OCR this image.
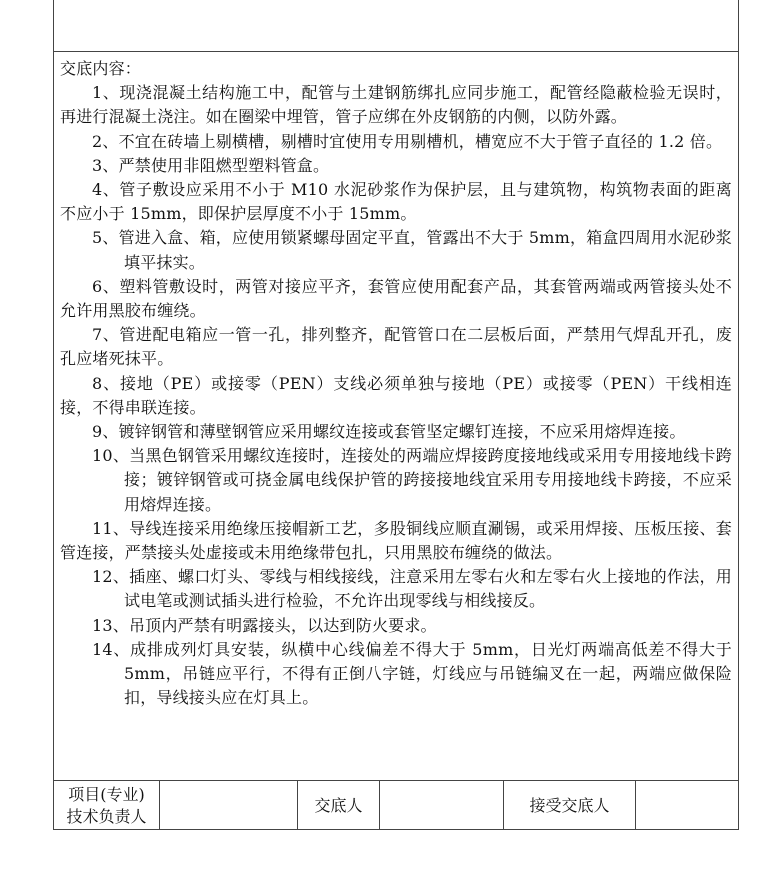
交底内容：

1、现浇混凝土结构施工中，配管与土建钢筋绑扎应同步施工，配管经隐蔽检验无误时，再进行混凝土浇注。如在圈梁中埋管，管子应绑在外皮钢筋的内侧，以防外露。

2、不宜在砖墙上剔横槽，剔槽时宜使用专用剔槽机，槽宽应不大于管子直径的 1.2 倍。

3、严禁使用非阻燃型塑料管盒。

4、管子敷设应采用不小于 M10 水泥砂浆作为保护层，且与建筑物，构筑物表面的距离不应小于 15mm，即保护层厚度不小于 15mm。

5、管进入盒、箱，应使用锁紧螺母固定平直，管露出不大于 5mm，箱盒四周用水泥砂浆填平抹实。

6、塑料管敷设时，两管对接应平齐，套管应使用配套产品，其套管两端或两管接头处不允许用黑胶布缠绕。

7、管进配电箱应一管一孔，排列整齐，配管管口在二层板后面，严禁用气焊乱开孔，废孔应堵死抹平。

8、接地（PE）或接零（PEN）支线必须单独与接地（PE）或接零（PEN）干线相连接，不得串联连接。

9、镀锌钢管和薄壁钢管应采用螺纹连接或套管坚定螺钉连接，不应采用熔焊连接。

10、当黑色钢管采用螺纹连接时，连接处的两端应焊接跨度接地线或采用专用接地线卡跨接；镀锌钢管或可挠金属电线保护管的跨接接地线宜采用专用接地线卡跨接，不应采用熔焊连接。

11、导线连接采用绝缘压接帽新工艺，多股铜线应顺直涮锡，或采用焊接、压板压接、套管连接，严禁接头处虚接或未用绝缘带包扎，只用黑胶布缠绕的做法。

12、插座、螺口灯头、零线与相线接线，注意采用左零右火和左零右火上接地的作法，用试电笔或测试插头进行检验，不允许出现零线与相线接反。

13、吊顶内严禁有明露接头，以达到防火要求。

14、成排成列灯具安装，纵横中心线偏差不得大于 5mm，日光灯两端高低差不得大于 5mm，吊链应平行，不得有正倒八字链，灯线应与吊链编叉在一起，两端应做保险扣，导线接头应在灯具上。

项目(专业)
技术负责人
交底人	接受交底人
